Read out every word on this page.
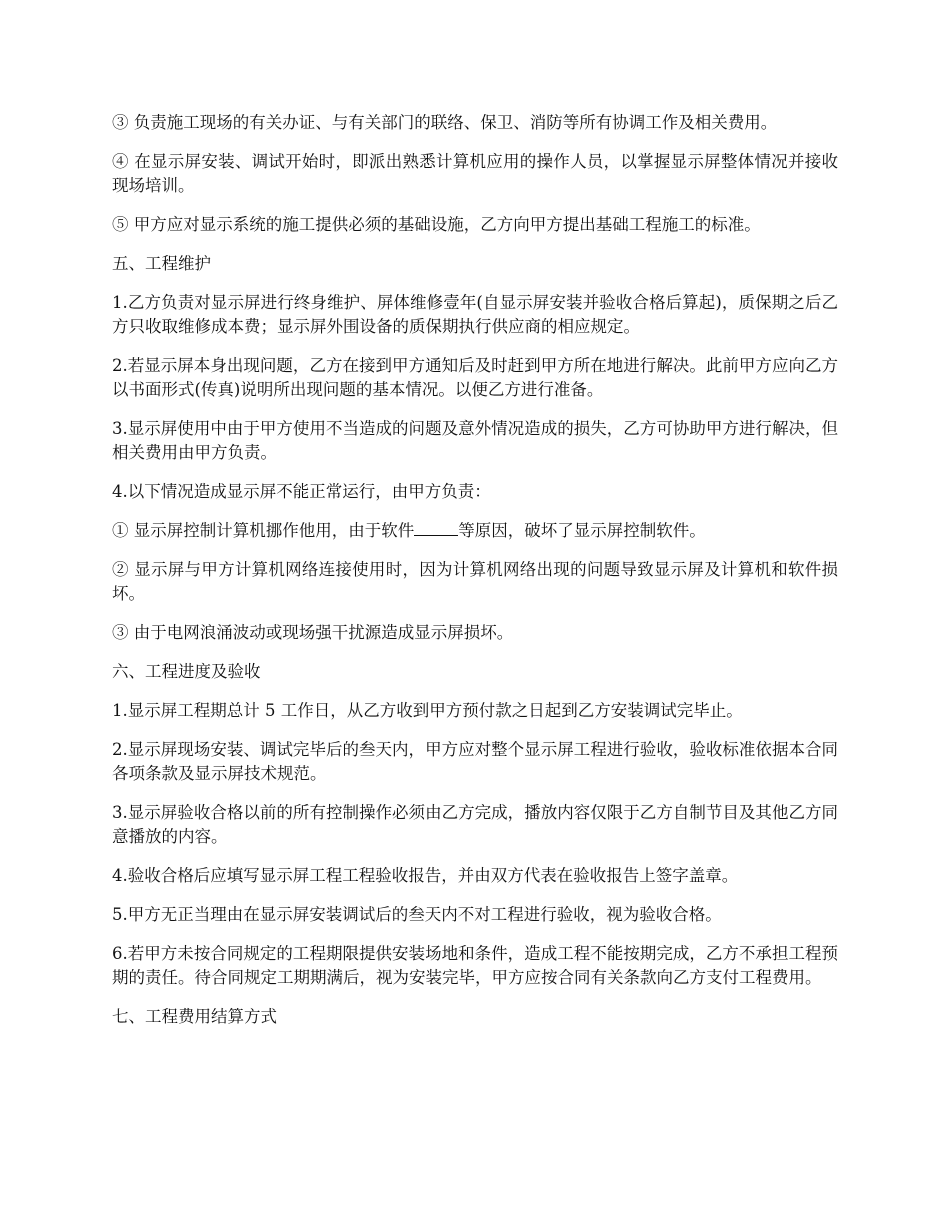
③ 负责施工现场的有关办证、与有关部门的联络、保卫、消防等所有协调工作及相关费用。

④ 在显示屏安装、调试开始时，即派出熟悉计算机应用的操作人员，以掌握显示屏整体情况并接收现场培训。

⑤ 甲方应对显示系统的施工提供必须的基础设施，乙方向甲方提出基础工程施工的标准。

五、工程维护

1.乙方负责对显示屏进行终身维护、屏体维修壹年(自显示屏安装并验收合格后算起)，质保期之后乙方只收取维修成本费；显示屏外围设备的质保期执行供应商的相应规定。

2.若显示屏本身出现问题，乙方在接到甲方通知后及时赶到甲方所在地进行解决。此前甲方应向乙方以书面形式(传真)说明所出现问题的基本情况。以便乙方进行准备。

3.显示屏使用中由于甲方使用不当造成的问题及意外情况造成的损失，乙方可协助甲方进行解决，但相关费用由甲方负责。

4.以下情况造成显示屏不能正常运行，由甲方负责：

① 显示屏控制计算机挪作他用，由于软件	等原因，破坏了显示屏控制软件。

② 显示屏与甲方计算机网络连接使用时，因为计算机网络出现的问题导致显示屏及计算机和软件损坏。

③ 由于电网浪涌波动或现场强干扰源造成显示屏损坏。

六、工程进度及验收

1.显示屏工程期总计 5 工作日，从乙方收到甲方预付款之日起到乙方安装调试完毕止。

2.显示屏现场安装、调试完毕后的叁天内，甲方应对整个显示屏工程进行验收，验收标准依据本合同各项条款及显示屏技术规范。

3.显示屏验收合格以前的所有控制操作必须由乙方完成，播放内容仅限于乙方自制节目及其他乙方同意播放的内容。

4.验收合格后应填写显示屏工程工程验收报告，并由双方代表在验收报告上签字盖章。

5.甲方无正当理由在显示屏安装调试后的叁天内不对工程进行验收，视为验收合格。

6.若甲方未按合同规定的工程期限提供安装场地和条件，造成工程不能按期完成，乙方不承担工程预期的责任。待合同规定工期期满后，视为安装完毕，甲方应按合同有关条款向乙方支付工程费用。

七、工程费用结算方式
